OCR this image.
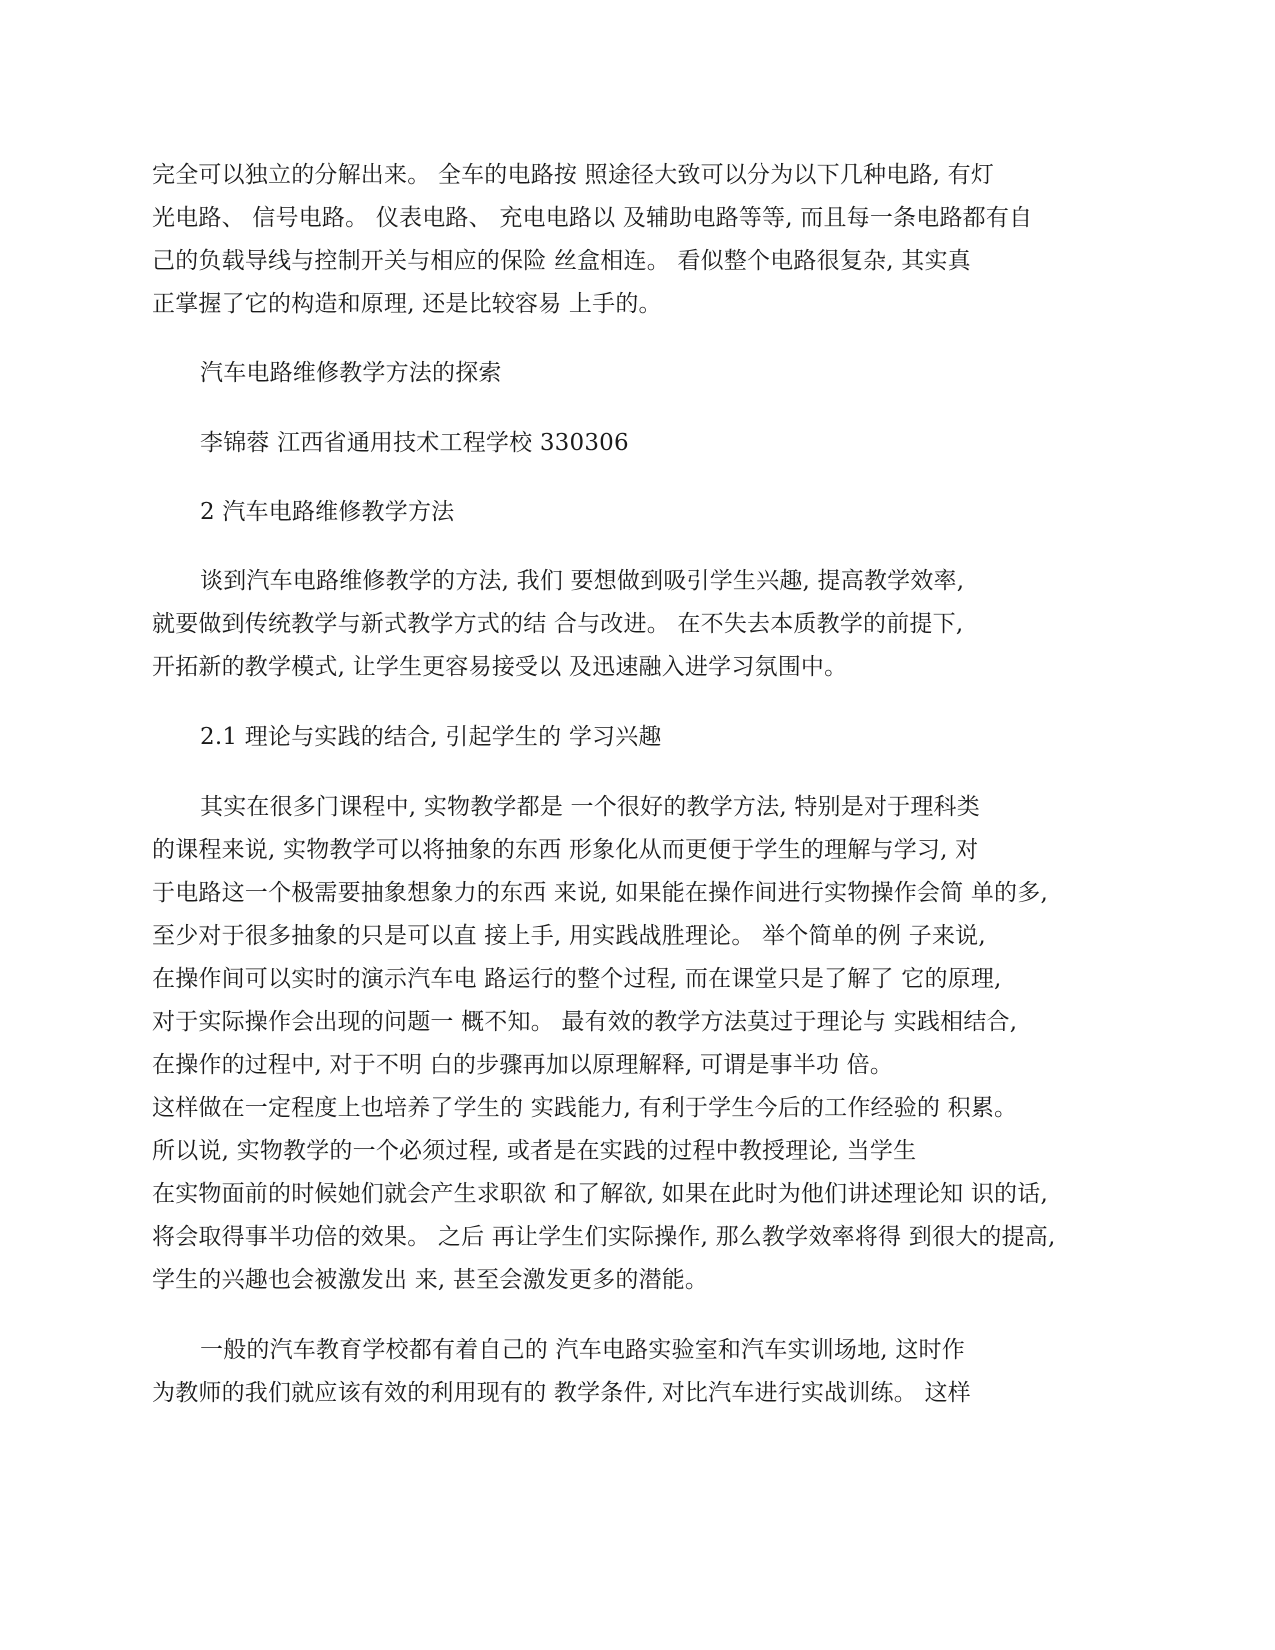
完全可以独立的分解出来。 全车的电路按 照途径大致可以分为以下几种电路, 有灯
光电路、 信号电路。 仪表电路、 充电电路以 及辅助电路等等, 而且每一条电路都有自
己的负载导线与控制开关与相应的保险 丝盒相连。 看似整个电路很复杂, 其实真
正掌握了它的构造和原理, 还是比较容易 上手的。
汽车电路维修教学方法的探索
李锦蓉 江西省通用技术工程学校 330306
2 汽车电路维修教学方法
谈到汽车电路维修教学的方法, 我们 要想做到吸引学生兴趣, 提高教学效率,
就要做到传统教学与新式教学方式的结 合与改进。 在不失去本质教学的前提下,
开拓新的教学模式, 让学生更容易接受以 及迅速融入进学习氛围中。
2.1 理论与实践的结合, 引起学生的 学习兴趣
其实在很多门课程中, 实物教学都是 一个很好的教学方法, 特别是对于理科类
的课程来说, 实物教学可以将抽象的东西 形象化从而更便于学生的理解与学习, 对
于电路这一个极需要抽象想象力的东西 来说, 如果能在操作间进行实物操作会简 单的多,
至少对于很多抽象的只是可以直 接上手, 用实践战胜理论。 举个简单的例 子来说,
在操作间可以实时的演示汽车电 路运行的整个过程, 而在课堂只是了解了 它的原理,
对于实际操作会出现的问题一 概不知。 最有效的教学方法莫过于理论与 实践相结合,
在操作的过程中, 对于不明 白的步骤再加以原理解释, 可谓是事半功 倍。
这样做在一定程度上也培养了学生的 实践能力, 有利于学生今后的工作经验的 积累。
所以说, 实物教学的一个必须过程, 或者是在实践的过程中教授理论, 当学生
在实物面前的时候她们就会产生求职欲 和了解欲, 如果在此时为他们讲述理论知 识的话,
将会取得事半功倍的效果。 之后 再让学生们实际操作, 那么教学效率将得 到很大的提高,
学生的兴趣也会被激发出 来, 甚至会激发更多的潜能。
一般的汽车教育学校都有着自己的 汽车电路实验室和汽车实训场地, 这时作
为教师的我们就应该有效的利用现有的 教学条件, 对比汽车进行实战训练。 这样
